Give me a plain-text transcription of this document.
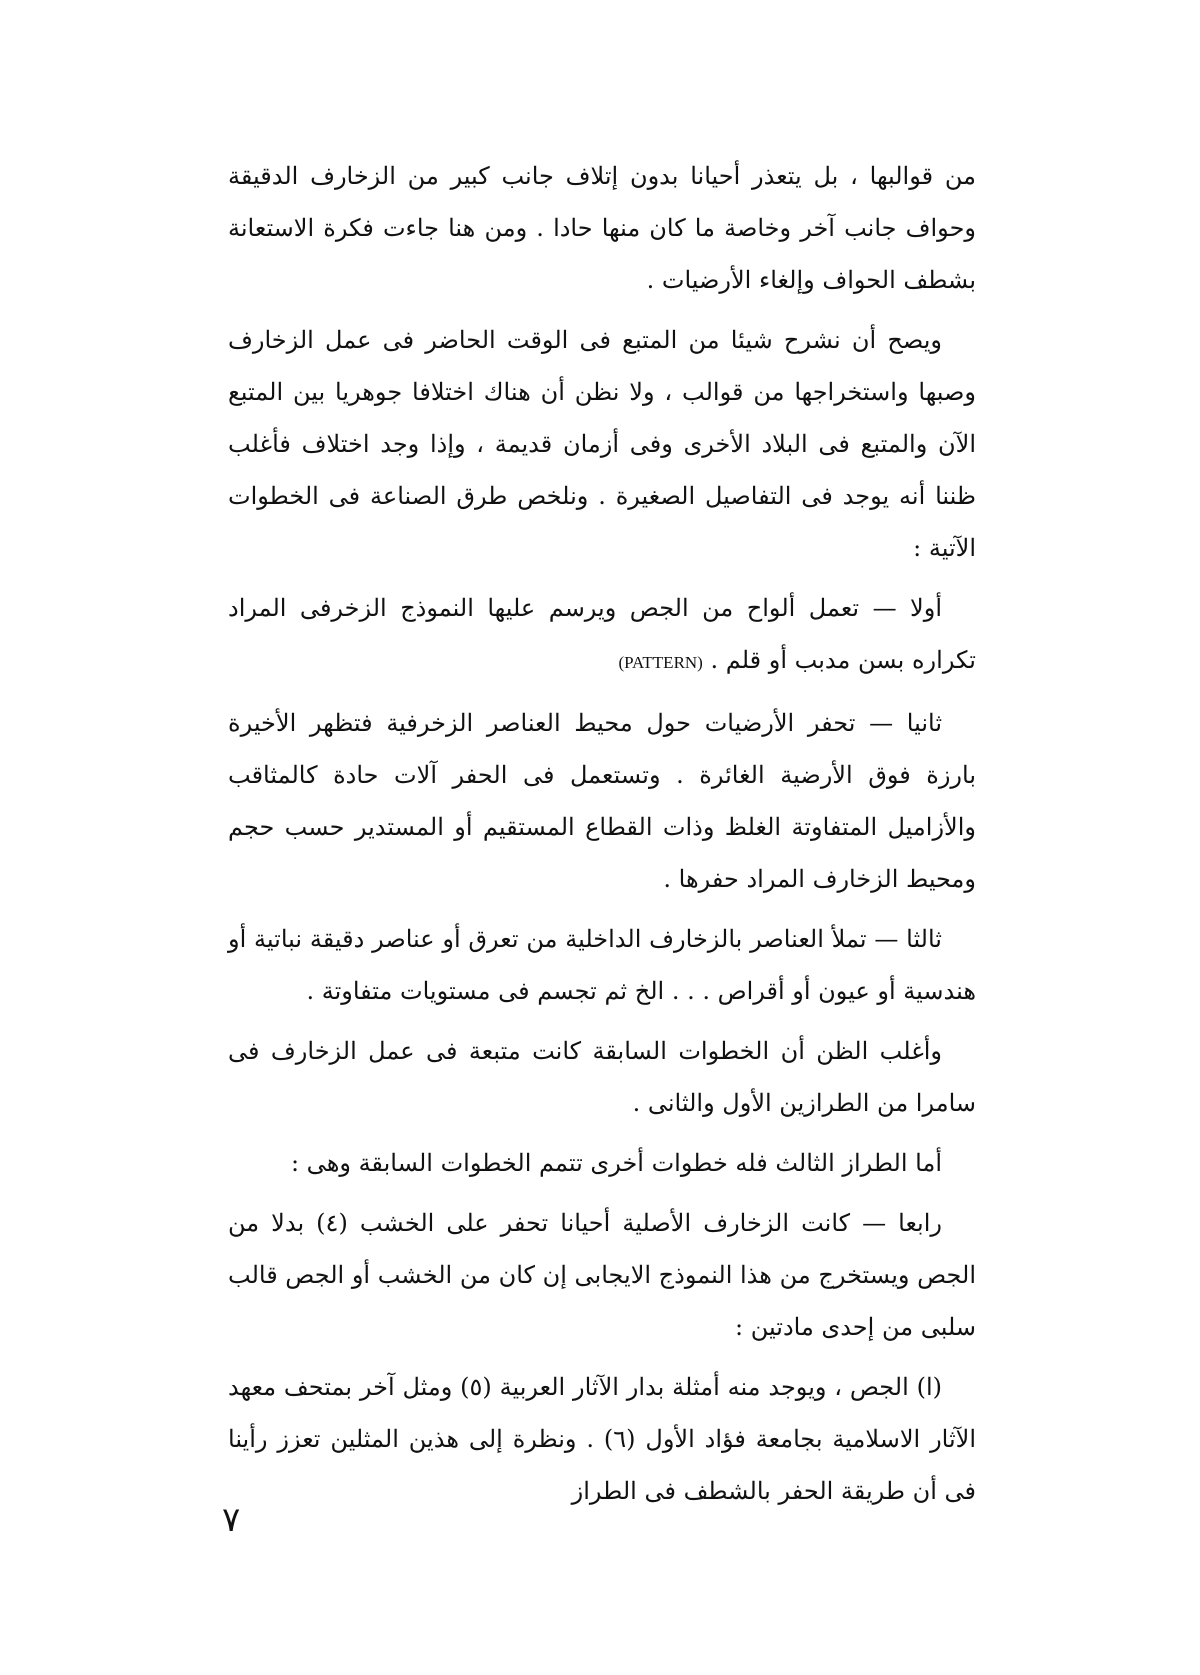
من قوالبها ، بل يتعذر أحيانا بدون إتلاف جانب كبير من الزخارف الدقيقة وحواف جانب آخر وخاصة ما كان منها حادا . ومن هنا جاءت فكرة الاستعانة بشطف الحواف وإلغاء الأرضيات .

ويصح أن نشرح شيئا من المتبع فى الوقت الحاضر فى عمل الزخارف وصبها واستخراجها من قوالب ، ولا نظن أن هناك اختلافا جوهريا بين المتبع الآن والمتبع فى البلاد الأخرى وفى أزمان قديمة ، وإذا وجد اختلاف فأغلب ظننا أنه يوجد فى التفاصيل الصغيرة . ونلخص طرق الصناعة فى الخطوات الآتية :

أولا — تعمل ألواح من الجص ويرسم عليها النموذج الزخرفى المراد تكراره بسن مدبب أو قلم . (PATTERN)

ثانيا — تحفر الأرضيات حول محيط العناصر الزخرفية فتظهر الأخيرة بارزة فوق الأرضية الغائرة . وتستعمل فى الحفر آلات حادة كالمثاقب والأزاميل المتفاوتة الغلظ وذات القطاع المستقيم أو المستدير حسب حجم ومحيط الزخارف المراد حفرها .

ثالثا — تملأ العناصر بالزخارف الداخلية من تعرق أو عناصر دقيقة نباتية أو هندسية أو عيون أو أقراص . . . الخ ثم تجسم فى مستويات متفاوتة .

وأغلب الظن أن الخطوات السابقة كانت متبعة فى عمل الزخارف فى سامرا من الطرازين الأول والثانى .

أما الطراز الثالث فله خطوات أخرى تتمم الخطوات السابقة وهى :

رابعا — كانت الزخارف الأصلية أحيانا تحفر على الخشب (٤) بدلا من الجص ويستخرج من هذا النموذج الايجابى إن كان من الخشب أو الجص قالب سلبى من إحدى مادتين :

(ا) الجص ، ويوجد منه أمثلة بدار الآثار العربية (٥) ومثل آخر بمتحف معهد الآثار الاسلامية بجامعة فؤاد الأول (٦) . ونظرة إلى هذين المثلين تعزز رأينا فى أن طريقة الحفر بالشطف فى الطراز

٧
